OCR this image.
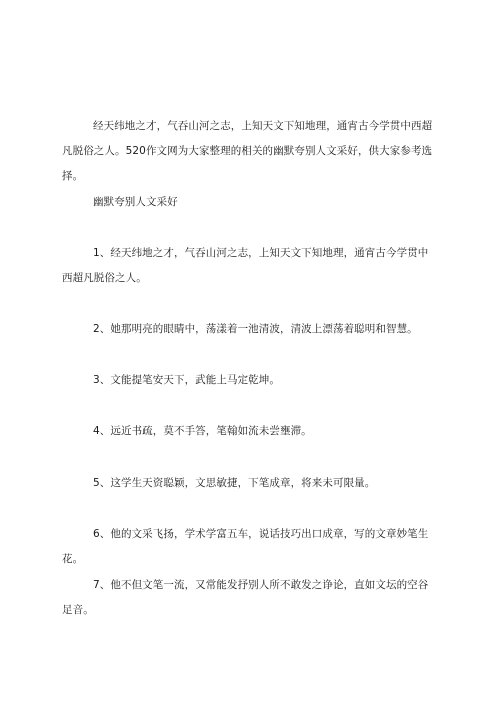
经天纬地之才，气吞山河之志，上知天文下知地理，通宵古今学贯中西超凡脱俗之人。520作文网为大家整理的相关的幽默夸别人文采好，供大家参考选择。

幽默夸别人文采好

1、经天纬地之才，气吞山河之志，上知天文下知地理，通宵古今学贯中西超凡脱俗之人。

2、她那明亮的眼睛中，荡漾着一池清波，清波上漂荡着聪明和智慧。

3、文能提笔安天下，武能上马定乾坤。

4、远近书疏，莫不手答，笔翰如流未尝壅滞。

5、这学生天资聪颖，文思敏捷，下笔成章，将来未可限量。

6、他的文采飞扬，学术学富五车，说话技巧出口成章，写的文章妙笔生花。

7、他不但文笔一流，又常能发抒别人所不敢发之诤论，直如文坛的空谷足音。
